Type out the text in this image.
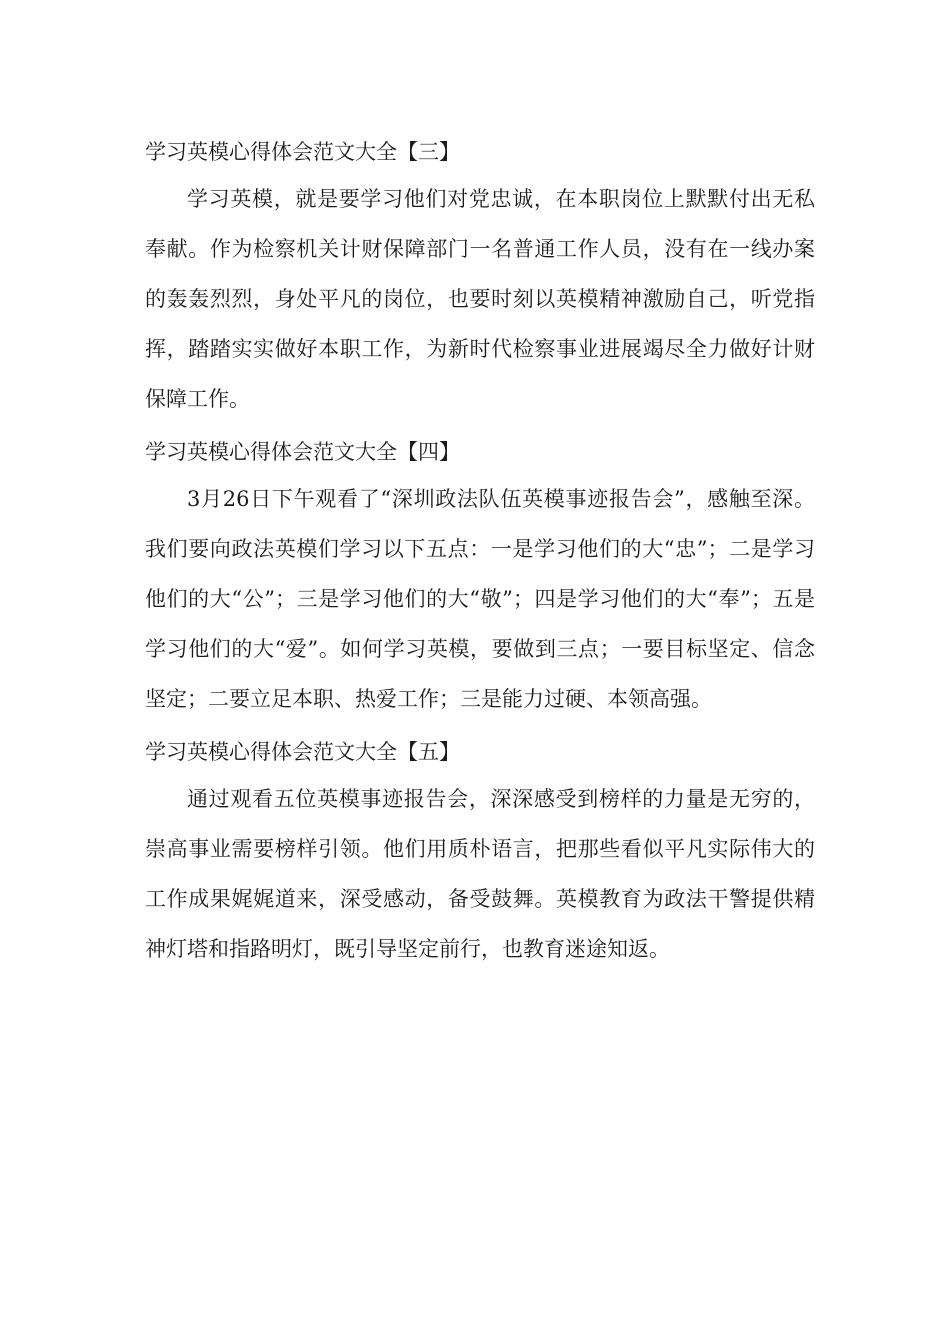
学习英模心得体会范文大全【三】

学习英模，就是要学习他们对党忠诚，在本职岗位上默默付出无私奉献。作为检察机关计财保障部门一名普通工作人员，没有在一线办案的轰轰烈烈，身处平凡的岗位，也要时刻以英模精神激励自己，听党指挥，踏踏实实做好本职工作，为新时代检察事业进展竭尽全力做好计财保障工作。

学习英模心得体会范文大全【四】

3月26日下午观看了“深圳政法队伍英模事迹报告会”，感触至深。我们要向政法英模们学习以下五点：一是学习他们的大“忠”；二是学习他们的大“公”；三是学习他们的大“敬”；四是学习他们的大“奉”；五是学习他们的大“爱”。如何学习英模，要做到三点；一要目标坚定、信念坚定；二要立足本职、热爱工作；三是能力过硬、本领高强。

学习英模心得体会范文大全【五】

通过观看五位英模事迹报告会，深深感受到榜样的力量是无穷的，崇高事业需要榜样引领。他们用质朴语言，把那些看似平凡实际伟大的工作成果娓娓道来，深受感动，备受鼓舞。英模教育为政法干警提供精神灯塔和指路明灯，既引导坚定前行，也教育迷途知返。
